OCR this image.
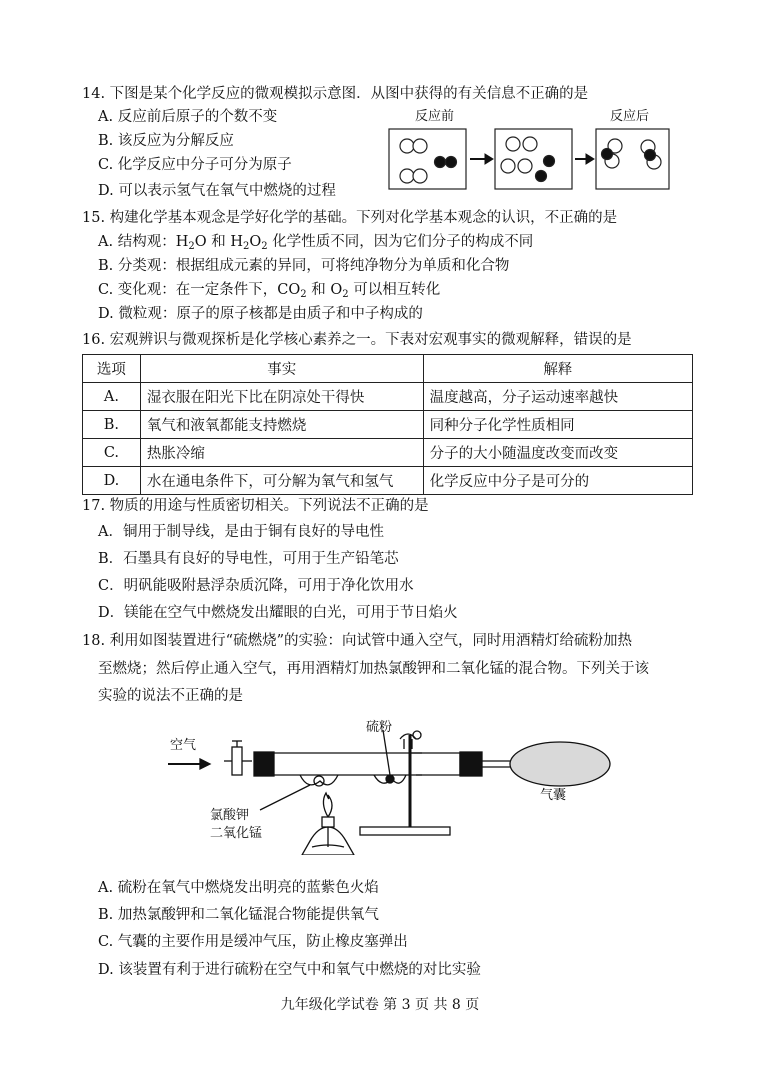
14. 下图是某个化学反应的微观模拟示意图．从图中获得的有关信息不正确的是
A. 反应前后原子的个数不变
B. 该反应为分解反应
C. 化学反应中分子可分为原子
D. 可以表示氢气在氧气中燃烧的过程
反应前	反应后
15. 构建化学基本观念是学好化学的基础。下列对化学基本观念的认识，不正确的是
A. 结构观：$H_2O$ 和 $H_2O_2$ 化学性质不同，因为它们分子的构成不同
B. 分类观：根据组成元素的异同，可将纯净物分为单质和化合物
C. 变化观：在一定条件下，$CO_2$ 和 $O_2$ 可以相互转化
D. 微粒观：原子的原子核都是由质子和中子构成的
16. 宏观辨识与微观探析是化学核心素养之一。下表对宏观事实的微观解释，错误的是
选项	事实	解释
A.	湿衣服在阳光下比在阴凉处干得快	温度越高，分子运动速率越快
B.	氧气和液氧都能支持燃烧	同种分子化学性质相同
C.	热胀冷缩	分子的大小随温度改变而改变
D.	水在通电条件下，可分解为氧气和氢气	化学反应中分子是可分的
17. 物质的用途与性质密切相关。下列说法不正确的是
A．铜用于制导线，是由于铜有良好的导电性
B．石墨具有良好的导电性，可用于生产铅笔芯
C．明矾能吸附悬浮杂质沉降，可用于净化饮用水
D．镁能在空气中燃烧发出耀眼的白光，可用于节日焰火
18. 利用如图装置进行“硫燃烧”的实验：向试管中通入空气，同时用酒精灯给硫粉加热
至燃烧；然后停止通入空气，再用酒精灯加热氯酸钾和二氧化锰的混合物。下列关于该
实验的说法不正确的是
空气
硫粉
氯酸钾
二氧化锰
气囊
A. 硫粉在氧气中燃烧发出明亮的蓝紫色火焰
B. 加热氯酸钾和二氧化锰混合物能提供氧气
C. 气囊的主要作用是缓冲气压，防止橡皮塞弹出
D. 该装置有利于进行硫粉在空气中和氧气中燃烧的对比实验
九年级化学试卷 第 3 页 共 8 页
